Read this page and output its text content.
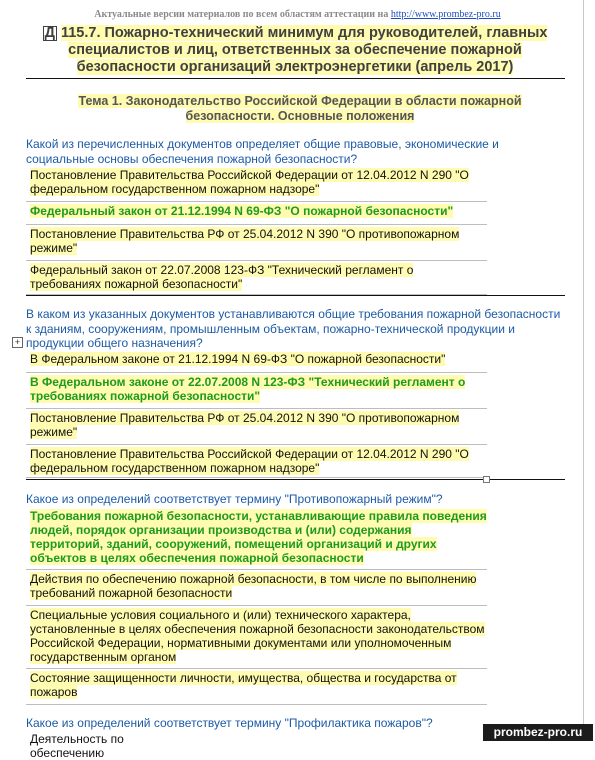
Актуальные версии материалов по всем областям аттестации на http://www.prombez-pro.ru
Д 115.7. Пожарно-технический минимум для руководителей, главных специалистов и лиц, ответственных за обеспечение пожарной безопасности организаций электроэнергетики (апрель 2017)
Тема 1. Законодательство Российской Федерации в области пожарной безопасности. Основные положения
Какой из перечисленных документов определяет общие правовые, экономические и социальные основы обеспечения пожарной безопасности?
Постановление Правительства Российской Федерации от 12.04.2012 N 290 "О федеральном государственном пожарном надзоре"
Федеральный закон от 21.12.1994 N 69-ФЗ "О пожарной безопасности"
Постановление Правительства РФ от 25.04.2012 N 390 "О противопожарном режиме"
Федеральный закон от 22.07.2008 123-ФЗ "Технический регламент о требованиях пожарной безопасности"
В каком из указанных документов устанавливаются общие требования пожарной безопасности к зданиям, сооружениям, промышленным объектам, пожарно-технической продукции и продукции общего назначения?
+
В Федеральном законе от 21.12.1994 N 69-ФЗ "О пожарной безопасности"
В Федеральном законе от 22.07.2008 N 123-ФЗ "Технический регламент о требованиях пожарной безопасности"
Постановление Правительства РФ от 25.04.2012 N 390 "О противопожарном режиме"
Постановление Правительства Российской Федерации от 12.04.2012 N 290 "О федеральном государственном пожарном надзоре"
Какое из определений соответствует термину "Противопожарный режим"?
Требования пожарной безопасности, устанавливающие правила поведения людей, порядок организации производства и (или) содержания территорий, зданий, сооружений, помещений организаций и других объектов в целях обеспечения пожарной безопасности
Действия по обеспечению пожарной безопасности, в том числе по выполнению требований пожарной безопасности
Специальные условия социального и (или) технического характера, установленные в целях обеспечения пожарной безопасности законодательством Российской Федерации, нормативными документами или уполномоченным государственным органом
Состояние защищенности личности, имущества, общества и государства от пожаров
Какое из определений соответствует термину "Профилактика пожаров"?
Деятельность по обеспечению
prombez-pro.ru
